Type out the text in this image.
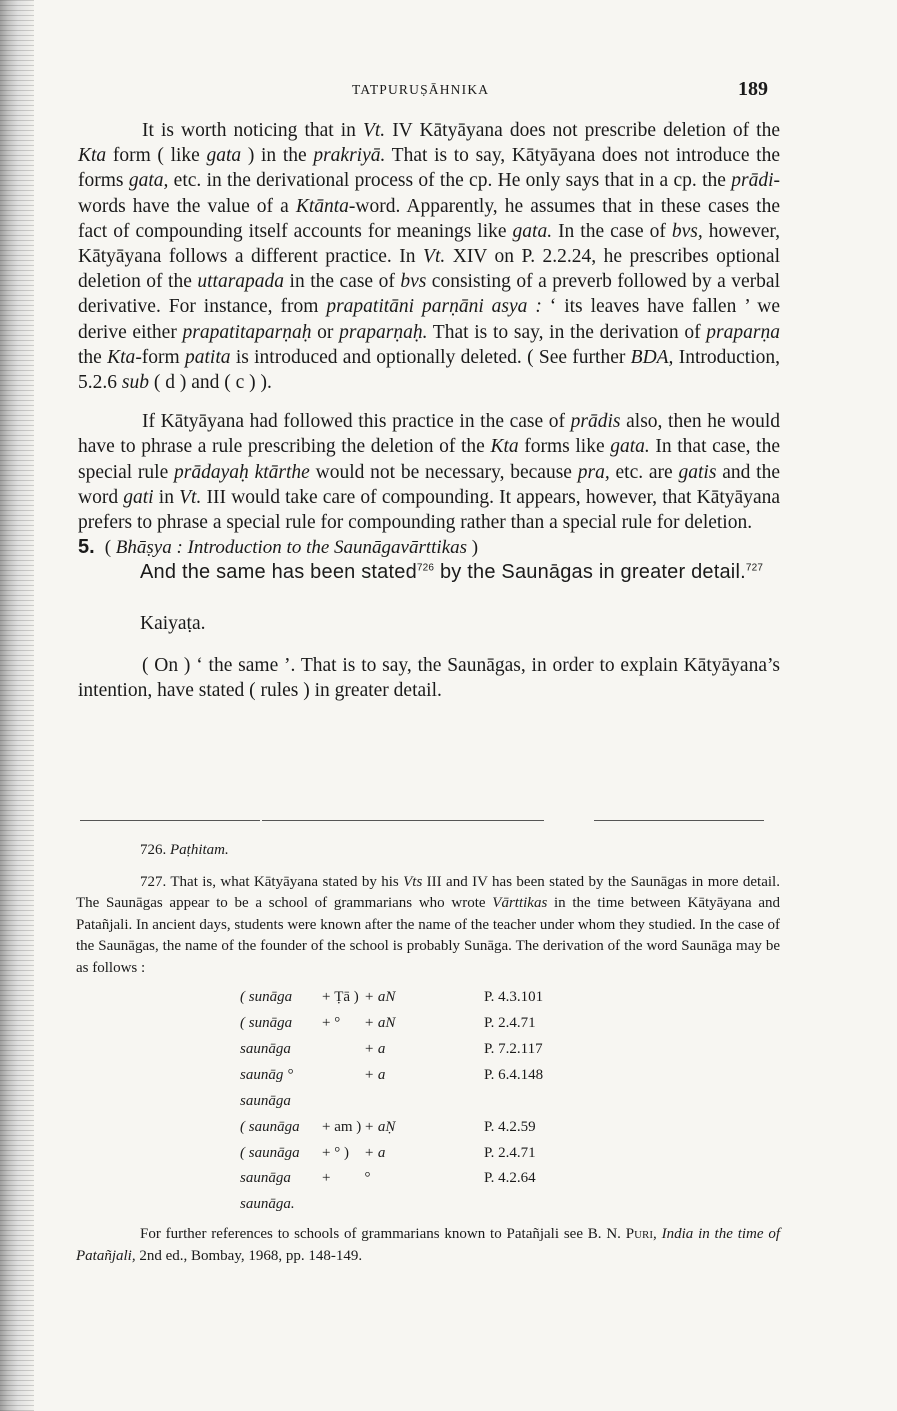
TATPURUṢĀHNIKA	189

It is worth noticing that in Vt. IV Kātyāyana does not prescribe deletion of the Kta form ( like gata ) in the prakriyā. That is to say, Kātyāyana does not introduce the forms gata, etc. in the derivational process of the cp. He only says that in a cp. the prādi-words have the value of a Ktānta-word. Apparently, he assumes that in these cases the fact of compounding itself accounts for meanings like gata. In the case of bvs, however, Kātyāyana follows a different practice. In Vt. XIV on P. 2.2.24, he prescribes optional deletion of the uttarapada in the case of bvs consisting of a preverb followed by a verbal derivative. For instance, from prapatitāni parṇāni asya : ‘ its leaves have fallen ’ we derive either prapatitaparṇaḥ or praparṇaḥ. That is to say, in the derivation of praparṇa the Kta-form patita is introduced and optionally deleted. ( See further BDA, Introduction, 5.2.6 sub ( d ) and ( c ) ).

If Kātyāyana had followed this practice in the case of prādis also, then he would have to phrase a rule prescribing the deletion of the Kta forms like gata. In that case, the special rule prādayaḥ ktārthe would not be necessary, because pra, etc. are gatis and the word gati in Vt. III would take care of compounding. It appears, however, that Kātyāyana prefers to phrase a special rule for compounding rather than a special rule for deletion.

5. ( Bhāṣya : Introduction to the Saunāgavārttikas )

And the same has been stated$^{726}$ by the Saunāgas in greater detail.$^{727}$

Kaiyaṭa.

( On ) ‘ the same ’. That is to say, the Saunāgas, in order to explain Kātyāyana’s intention, have stated ( rules ) in greater detail.

726. Paṭhitam.

727. That is, what Kātyāyana stated by his Vts III and IV has been stated by the Saunāgas in more detail. The Saunāgas appear to be a school of grammarians who wrote Vārttikas in the time between Kātyāyana and Patañjali. In ancient days, students were known after the name of the teacher under whom they studied. In the case of the Saunāgas, the name of the founder of the school is probably Sunāga. The derivation of the word Saunāga may be as follows :

( sunāga	+ Ṭā )	+ aN		P. 4.3.101
( sunāga	+ °	+ aN		P. 2.4.71
saunāga		+ a		P. 7.2.117
saunāg °		+ a		P. 6.4.148
saunāga				
( saunāga	+ am )	+ aṆ		P. 4.2.59
( saunāga	+ ° )	+ a		P. 2.4.71
saunāga	+	°		P. 4.2.64
saunāga.				

For further references to schools of grammarians known to Patañjali see B. N. Puri, India in the time of Patañjali, 2nd ed., Bombay, 1968, pp. 148-149.
